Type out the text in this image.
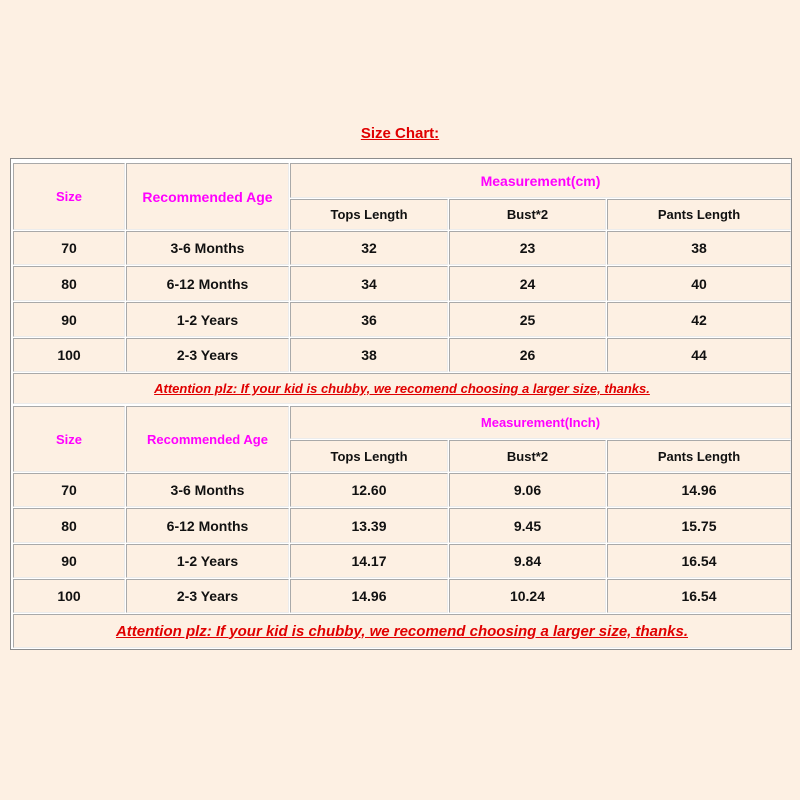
Size Chart:
Size	Recommended Age
Measurement(cm)
Tops Length	Bust*2	Pants Length
70	3-6 Months	32	23	38
80	6-12 Months	34	24	40
90	1-2 Years	36	25	42
100	2-3 Years	38	26	44
Attention plz: If your kid is chubby, we recomend choosing a larger size, thanks.
Size	Recommended Age
Measurement(Inch)
Tops Length	Bust*2	Pants Length
70	3-6 Months	12.60	9.06	14.96
80	6-12 Months	13.39	9.45	15.75
90	1-2 Years	14.17	9.84	16.54
100	2-3 Years	14.96	10.24	16.54
Attention plz: If your kid is chubby, we recomend choosing a larger size, thanks.
